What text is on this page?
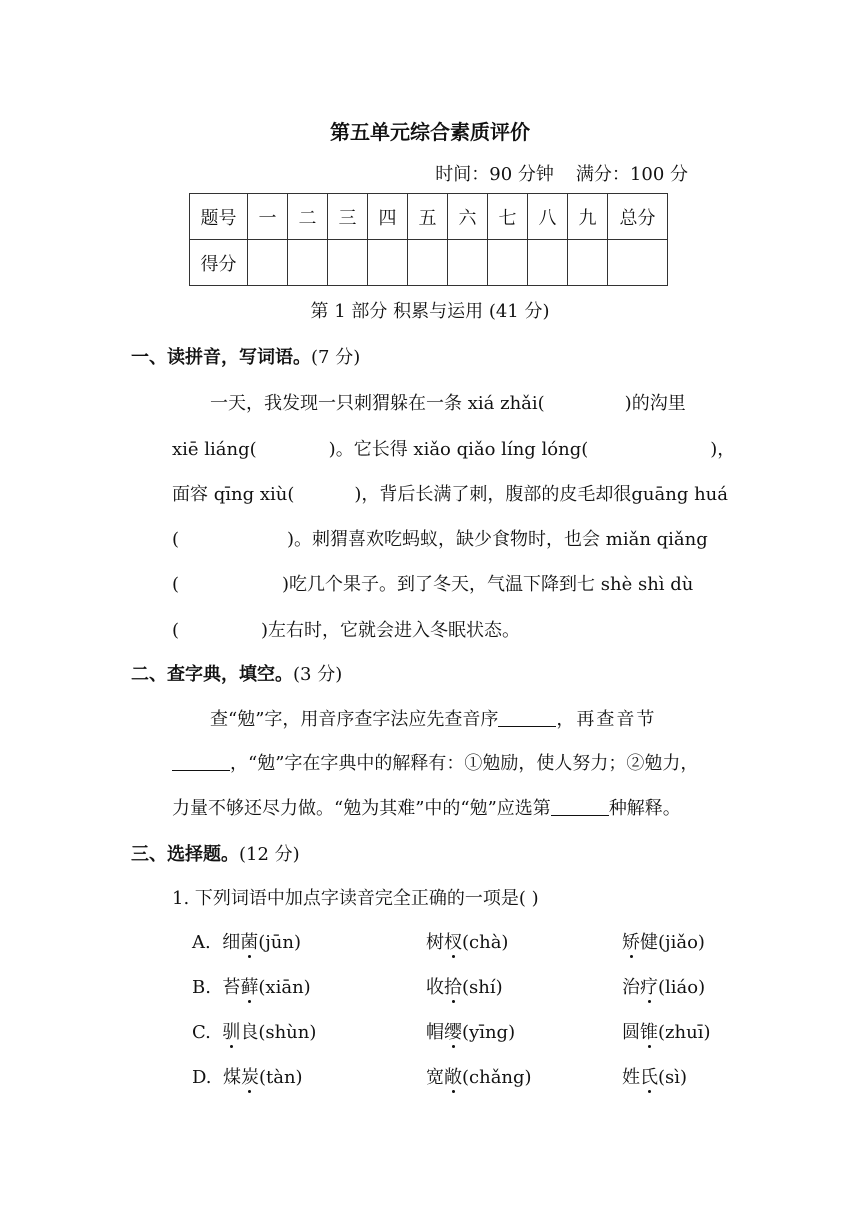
第五单元综合素质评价
时间：90 分钟 满分：100 分
题号	一	二	三	四	五	六	七	八	九	总分
得分										
第 1 部分 积累与运用 (41 分)
一、读拼音，写词语。(7 分)
一天，我发现一只刺猬躲在一条 xiá zhǎi(	)的沟里
xiē liáng(	)。它长得 xiǎo qiǎo líng lóng(	)，
面容 qīng xiù(	)，背后长满了刺，腹部的皮毛却很guāng huá
(	)。刺猬喜欢吃蚂蚁，缺少食物时，也会 miǎn qiǎng
(	)吃几个果子。到了冬天，气温下降到七 shè shì dù
(	)左右时，它就会进入冬眠状态。
二、查字典，填空。(3 分)
查“勉”字，用音序查字法应先查音序	，再查音节
，“勉”字在字典中的解释有：①勉励，使人努力；②勉力，
力量不够还尽力做。“勉为其难”中的“勉”应选第	种解释。
三、选择题。(12 分)
1. 下列词语中加点字读音完全正确的一项是( )
A. 细菌(jūn)	树杈(chà)	矫健(jiǎo)
B. 苔藓(xiān)	收拾(shí)	治疗(liáo)
C. 驯良(shùn)	帽缨(yīng)	圆锥(zhuī)
D. 煤炭(tàn)	宽敞(chǎng)	姓氏(sì)
